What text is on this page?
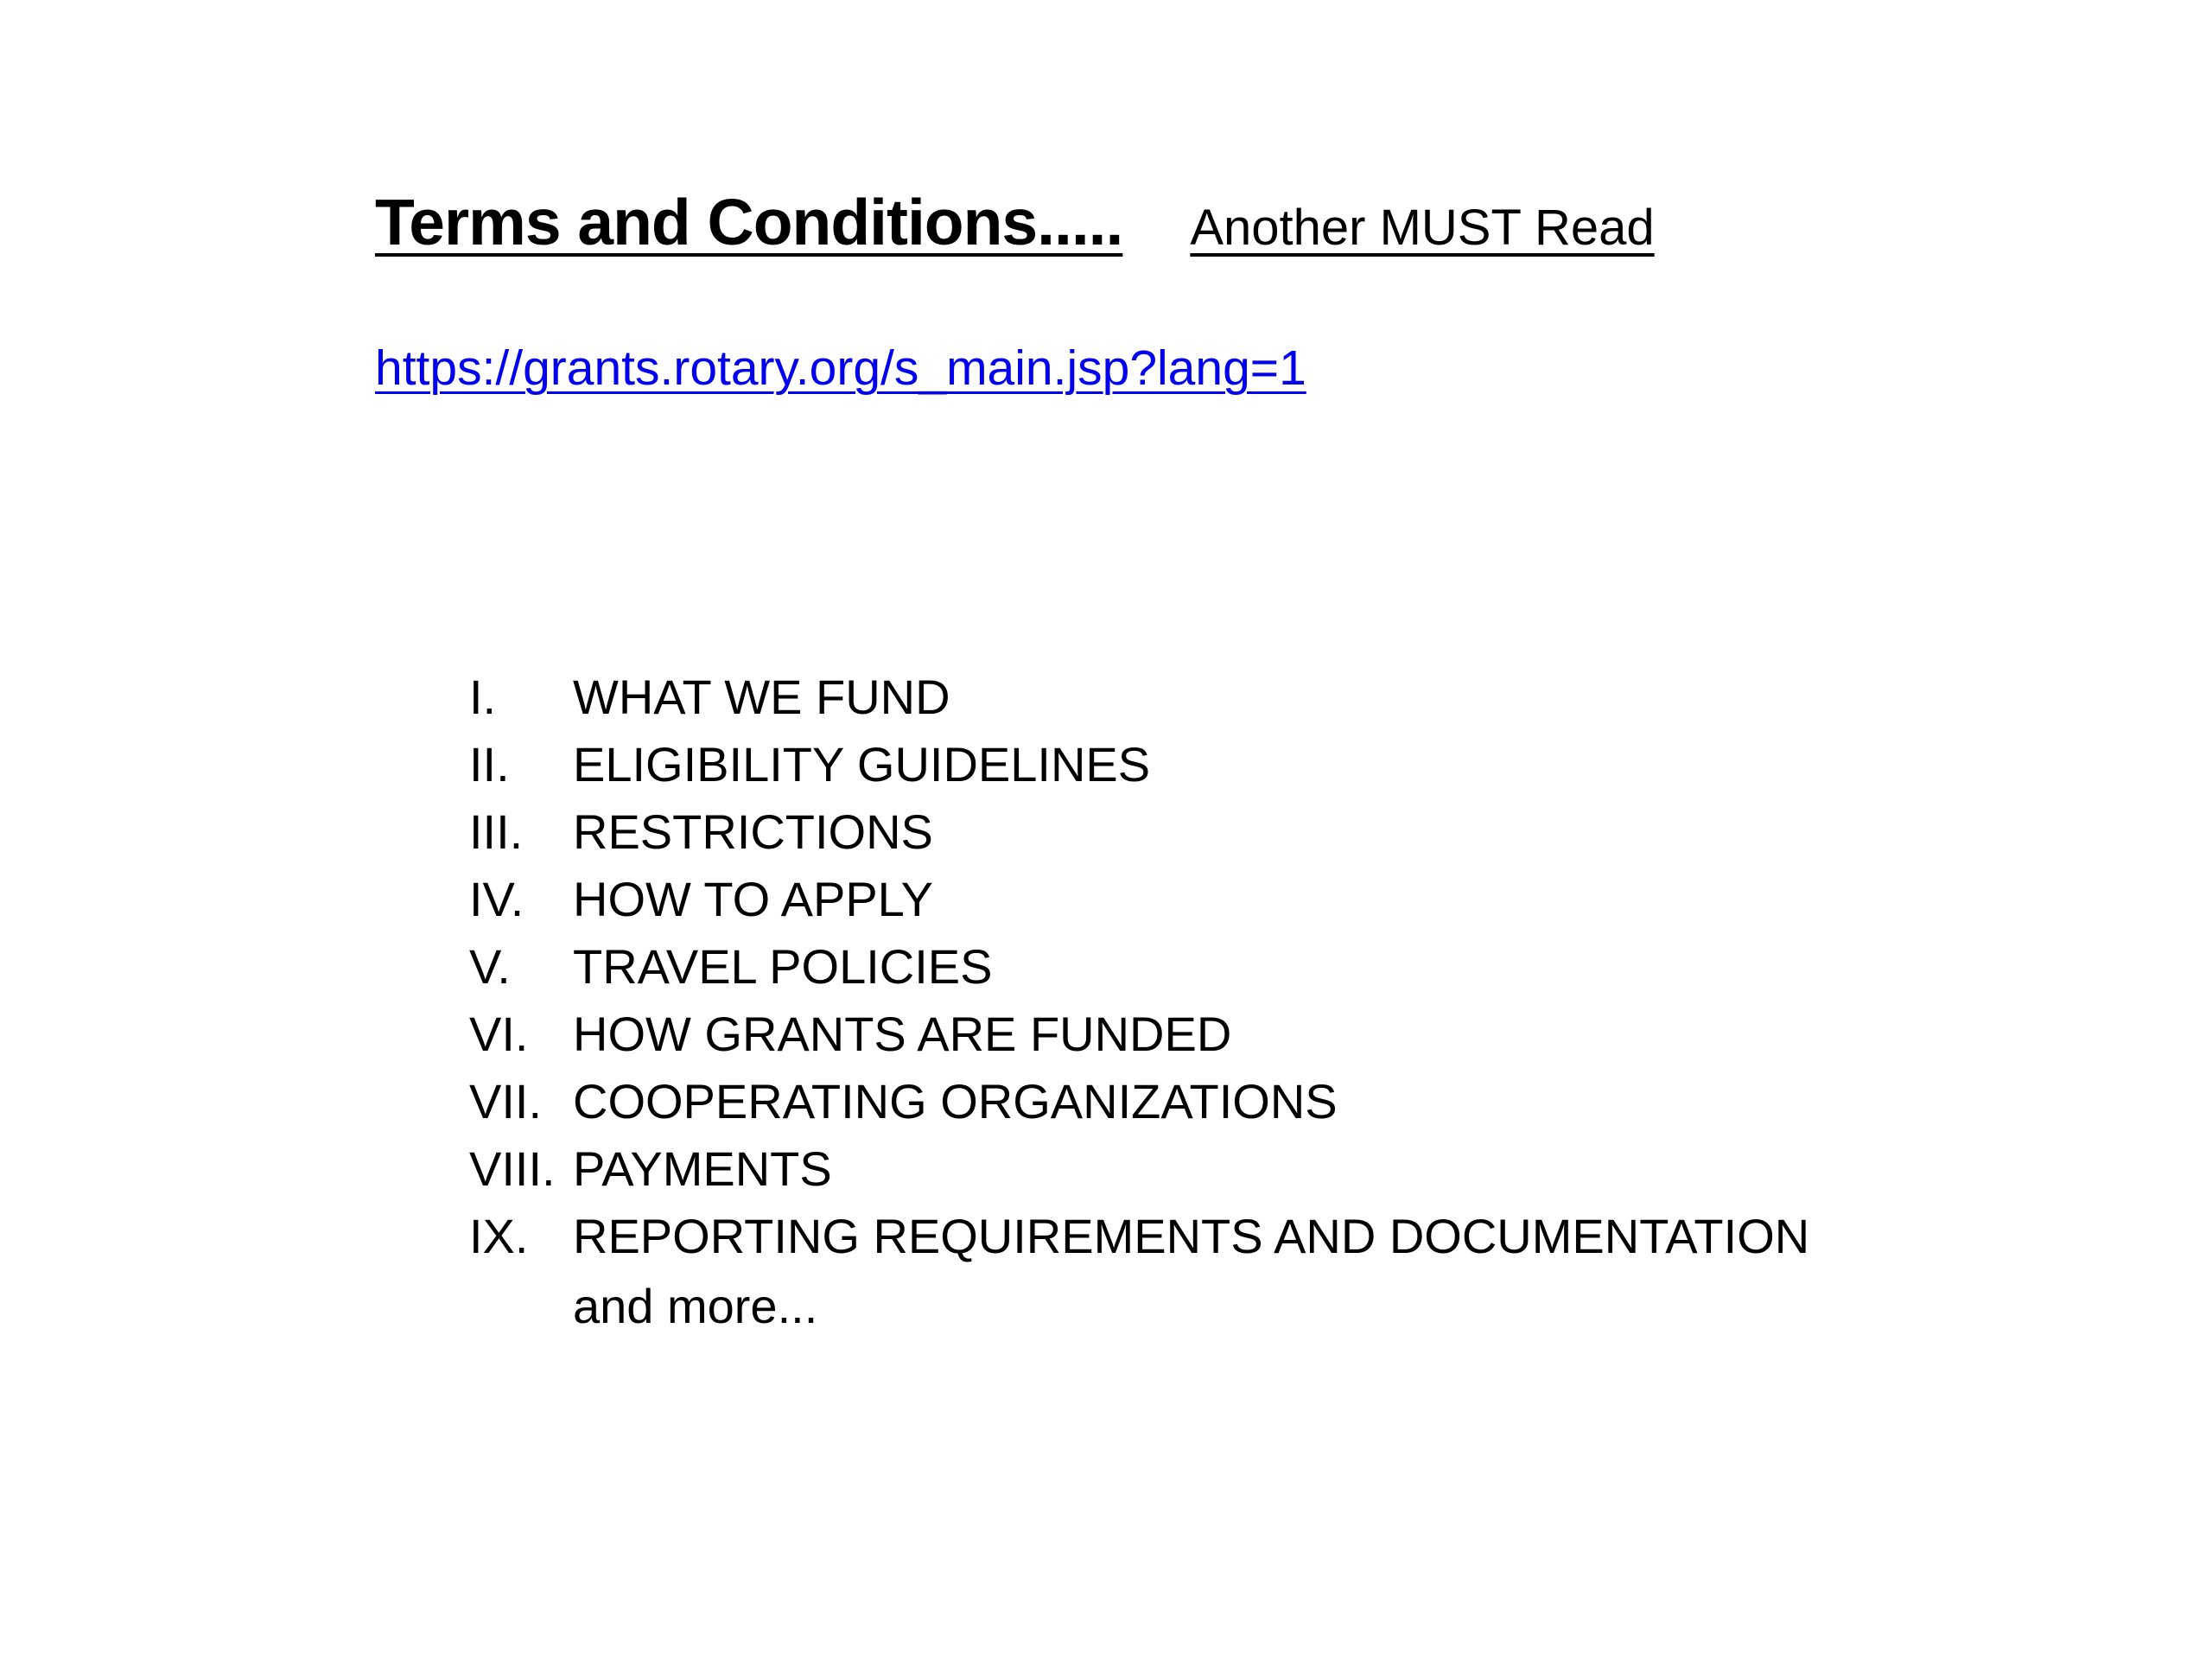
Terms and Conditions..... Another MUST Read
https://grants.rotary.org/s_main.jsp?lang=1
I. WHAT WE FUND
II. ELIGIBILITY GUIDELINES
III. RESTRICTIONS
IV. HOW TO APPLY
V. TRAVEL POLICIES
VI. HOW GRANTS ARE FUNDED
VII. COOPERATING ORGANIZATIONS
VIII. PAYMENTS
IX. REPORTING REQUIREMENTS AND DOCUMENTATION
and more...
